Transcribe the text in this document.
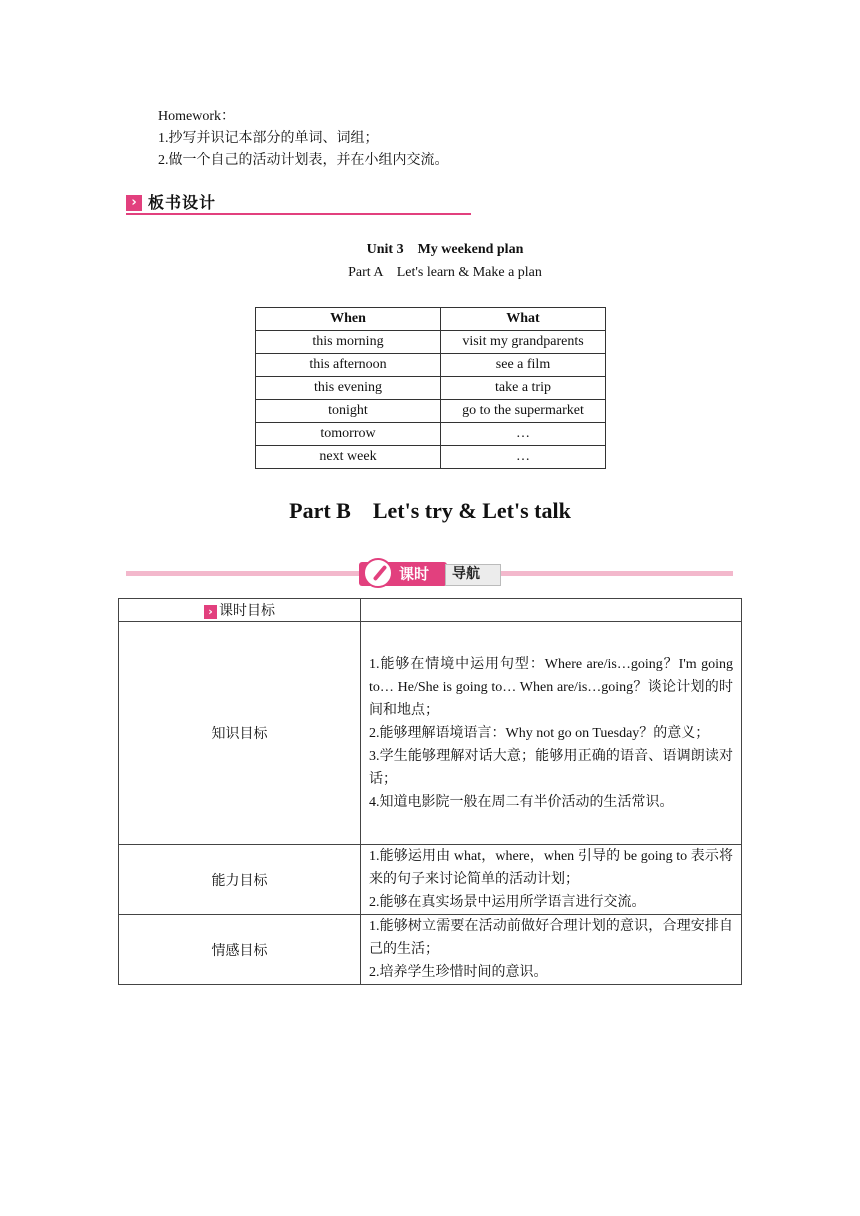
Homework：
1.抄写并识记本部分的单词、词组；
2.做一个自己的活动计划表，并在小组内交流。
› 板书设计
Unit 3    My weekend plan
Part A    Let's learn & Make a plan
When	What
this morning	visit my grandparents
this afternoon	see a film
this evening	take a trip
tonight	go to the supermarket
tomorrow	…
next week	…
Part B    Let's try & Let's talk
课时 导航
› 课时目标	
知识目标	1.能够在情境中运用句型：Where are/is…going？I'm going to… He/She is going to… When are/is…going？谈论计划的时间和地点；
2.能够理解语境语言：Why not go on Tuesday？的意义；
3.学生能够理解对话大意；能够用正确的语音、语调朗读对话；
4.知道电影院一般在周二有半价活动的生活常识。

能力目标	1.能够运用由 what，where，when 引导的 be going to 表示将来的句子来讨论简单的活动计划；
2.能够在真实场景中运用所学语言进行交流。

情感目标	1.能够树立需要在活动前做好合理计划的意识，合理安排自己的生活；
2.培养学生珍惜时间的意识。
